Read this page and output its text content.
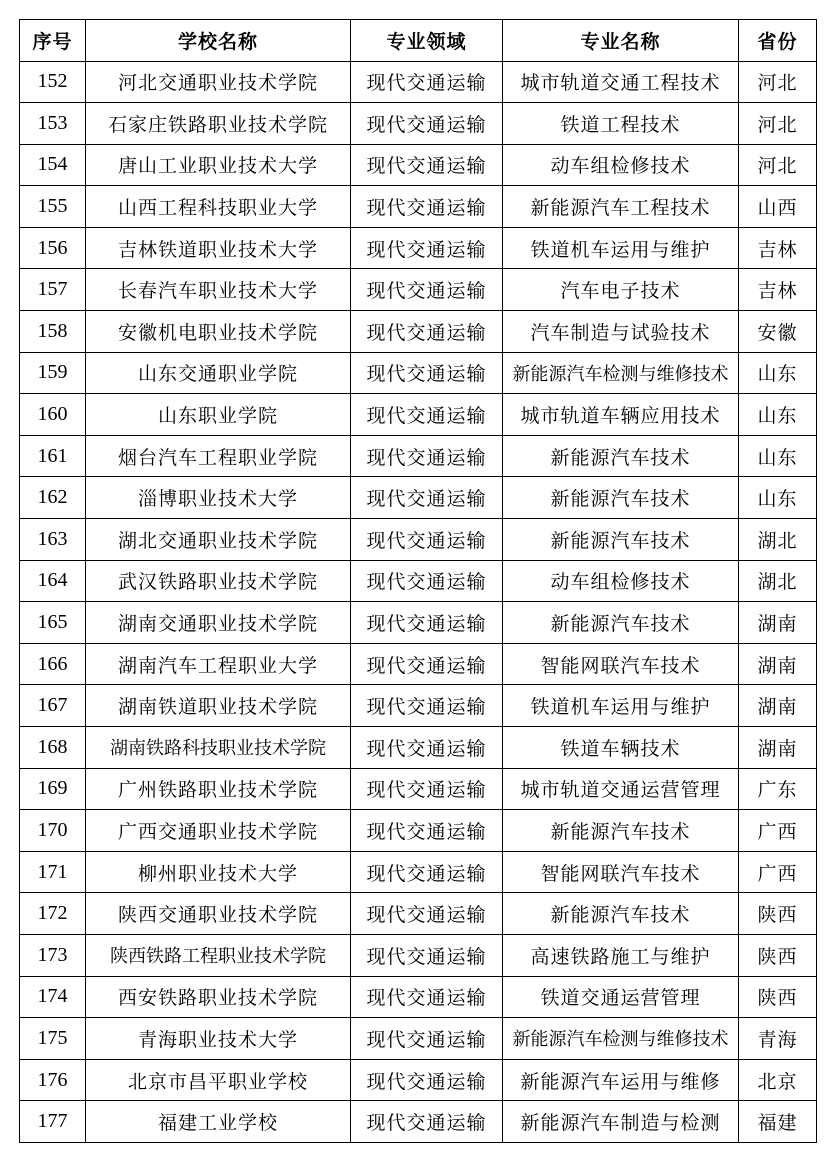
序号	学校名称	专业领域	专业名称	省份
152	河北交通职业技术学院	现代交通运输	城市轨道交通工程技术	河北
153	石家庄铁路职业技术学院	现代交通运输	铁道工程技术	河北
154	唐山工业职业技术大学	现代交通运输	动车组检修技术	河北
155	山西工程科技职业大学	现代交通运输	新能源汽车工程技术	山西
156	吉林铁道职业技术大学	现代交通运输	铁道机车运用与维护	吉林
157	长春汽车职业技术大学	现代交通运输	汽车电子技术	吉林
158	安徽机电职业技术学院	现代交通运输	汽车制造与试验技术	安徽
159	山东交通职业学院	现代交通运输	新能源汽车检测与维修技术	山东
160	山东职业学院	现代交通运输	城市轨道车辆应用技术	山东
161	烟台汽车工程职业学院	现代交通运输	新能源汽车技术	山东
162	淄博职业技术大学	现代交通运输	新能源汽车技术	山东
163	湖北交通职业技术学院	现代交通运输	新能源汽车技术	湖北
164	武汉铁路职业技术学院	现代交通运输	动车组检修技术	湖北
165	湖南交通职业技术学院	现代交通运输	新能源汽车技术	湖南
166	湖南汽车工程职业大学	现代交通运输	智能网联汽车技术	湖南
167	湖南铁道职业技术学院	现代交通运输	铁道机车运用与维护	湖南
168	湖南铁路科技职业技术学院	现代交通运输	铁道车辆技术	湖南
169	广州铁路职业技术学院	现代交通运输	城市轨道交通运营管理	广东
170	广西交通职业技术学院	现代交通运输	新能源汽车技术	广西
171	柳州职业技术大学	现代交通运输	智能网联汽车技术	广西
172	陕西交通职业技术学院	现代交通运输	新能源汽车技术	陕西
173	陕西铁路工程职业技术学院	现代交通运输	高速铁路施工与维护	陕西
174	西安铁路职业技术学院	现代交通运输	铁道交通运营管理	陕西
175	青海职业技术大学	现代交通运输	新能源汽车检测与维修技术	青海
176	北京市昌平职业学校	现代交通运输	新能源汽车运用与维修	北京
177	福建工业学校	现代交通运输	新能源汽车制造与检测	福建
